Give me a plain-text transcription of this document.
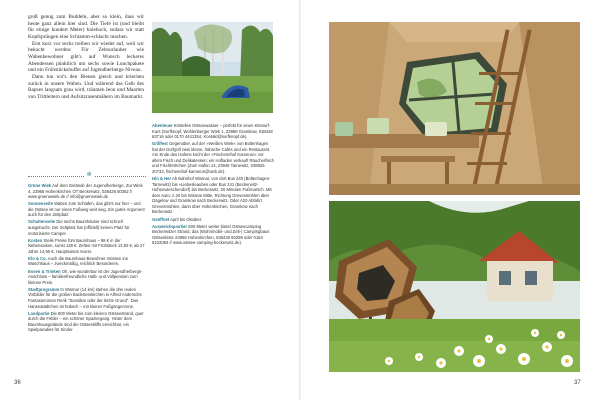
groß genug zum Buddeln, aber so klein, dass wir heute ganz allein hier sind. Die Tiefe ist (und bleibt für einige hundert Meter) kniehoch, sodass wir statt Kopfsprüngen eine Schlamm-schlacht machen.

Erst kurz vor sechs treiben wir wieder auf, weil wir bekocht werden: Für Zeltsurlauber wie Wabenbewohner gibt's auf Wunsch leckeres Abendessen pünktlich um sechs sowie Lunchpakete und ein Frühstücksbuffet auf Jugendherbergs-Niveau.

Dann tun wir's den Bienen gleich und kriechen zurück in unsere Waben. Und während das Gelb des Rapses langsam grau wird, träumen Ieon und Maarten von Trittleitern und Aufsitzrasenmähern im Baumarkt.

Abenteuer Kristelles Ostseewasser – perfekt für einen Kitesurf-Kurs (Surfknopf, Wohlenberger Wiek 1, 23968 Gramkow, 038428 63716 oder 0170 4441354, Kontakt@surfknopf.de).
Grillfest Gegenüber, auf der »Weißen Wiek« von Boltenhagen hat der Dorfgrill zwei kleine, hübsche Cafés und ein Restaurant. Am Ende des Hafens kocht der »Fischereihof Kamerun« vor allem Fisch und Delikatessen; ein Hofladen verkauft Räucherfisch und Fischbrötchen (Zum Hafen 14, 23946 Tarnewitz, 038825 20733, fischereihof-kamerun@web.de).
Hin & Her Ab Bahnhof Wismar, von dort Bus 240 (Boltenhagen-Tarnewitz) bis »Liebesleaubes oder Bus 241 (Beckerwitz-Hohenwieschendorf) bis Beckerwitz, 20 Minuten Fußmarsch. Mit dem Auto: A 20 bis Wismar Mitte, Richtung Grevesmühlen über Gägelow und Gramkow nach Beckerwitz. Oder A20 Abfahrt Grevesmühlen, dann über Hohenkirchen, Gramkow nach Beckerwitz.
Geöffnet April bis Oktober.
Ausweichquartier 500 Meter weiter bietet Ostseecamping Beckerwitzer Strand, das (Wohnmobil- und Zelt-) Campingbaus Ostseekiste 23968 Hohenkirchen, 038428 60296 oder 0163 8102083 // www.ostsee-camping-beckerwitz.de).
✻
Grüne Wiek Auf dem Gelände der Jugendherberge, Zur Wiek 4, 23968 Hohenkirchen OT Beckerwitz, 038428 60362 // www.gruenewiek.de // info@gruenewiek.de
Sonnenseite Waben zum Schlafen, das gibt's nur hier – und die Ostsee ist nur einen Fußweg weit weg. Ein gutes Argument auch für den Zeltplatz.
Schattenseite Die sechs Baumhäuser sind schnell ausgebucht. Der Zeltplatz hat (offiziell) keinen Platz für motorisierte Camper.
Kosten Steile Preise fürs Baumhaus – 99 € in der Nebensaison, sonst 139 €. Zelten mit Frühstück 13,50 €, ab 27 Jahre 14,90 €, Hauptsaison teurer.
Klo & Co. Auch die Baumhaus-Bewohner müssen ins Waschhaus – zweckmäßig, reichlich Besorderes.
Essen & Trinken Oh, wie wunderbar ist der Jugendherbergs-Anschluss – familienfreundliche Halb- und Vollpension zum kleinen Preis.
Stadtprogramm In Wismar (14 km) stehen die drei realen Vorbilder für die großen Backsteinkirchen in Alfred Anderschs Fantasieroman Rerik "Sansibar oder der letzte Grund". Das Hanseatädtchen ist hübsch – mit kleiner Fußgängerzone.
Landpartie Die 800 Meter bis zum kleinen Ostseestrand, quer durch die Felder – ein schöner Spaziergang. Hinter dem Baumhausgelände sind die Ostseekliffs erreichbar, ein Spielparadies für Kinder.
36	37
